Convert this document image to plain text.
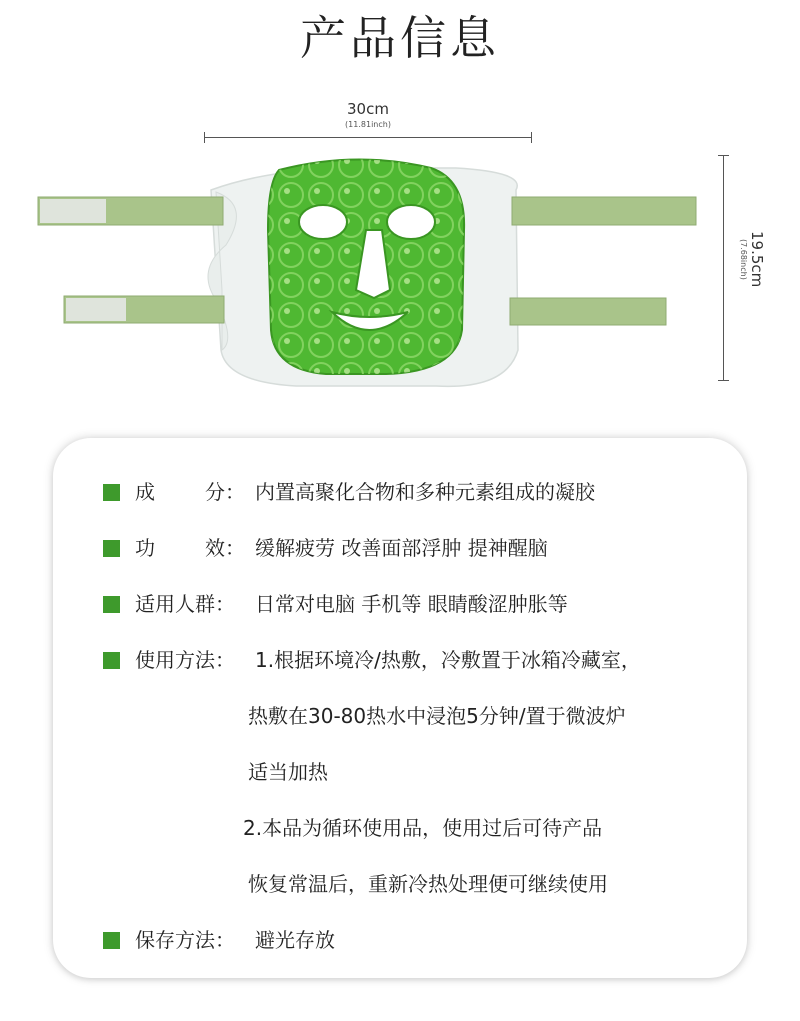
产品信息
30cm
(11.81inch)
19.5cm
(7.68inch)
成	分： 内置高聚化合物和多种元素组成的凝胶
功	效： 缓解疲劳 改善面部浮肿 提神醒脑
适用人群： 日常对电脑 手机等 眼睛酸涩肿胀等
使用方法： 1.根据环境冷/热敷，冷敷置于冰箱冷藏室，
热敷在30-80热水中浸泡5分钟/置于微波炉
适当加热
2.本品为循环使用品，使用过后可待产品
恢复常温后，重新冷热处理便可继续使用
保存方法： 避光存放
